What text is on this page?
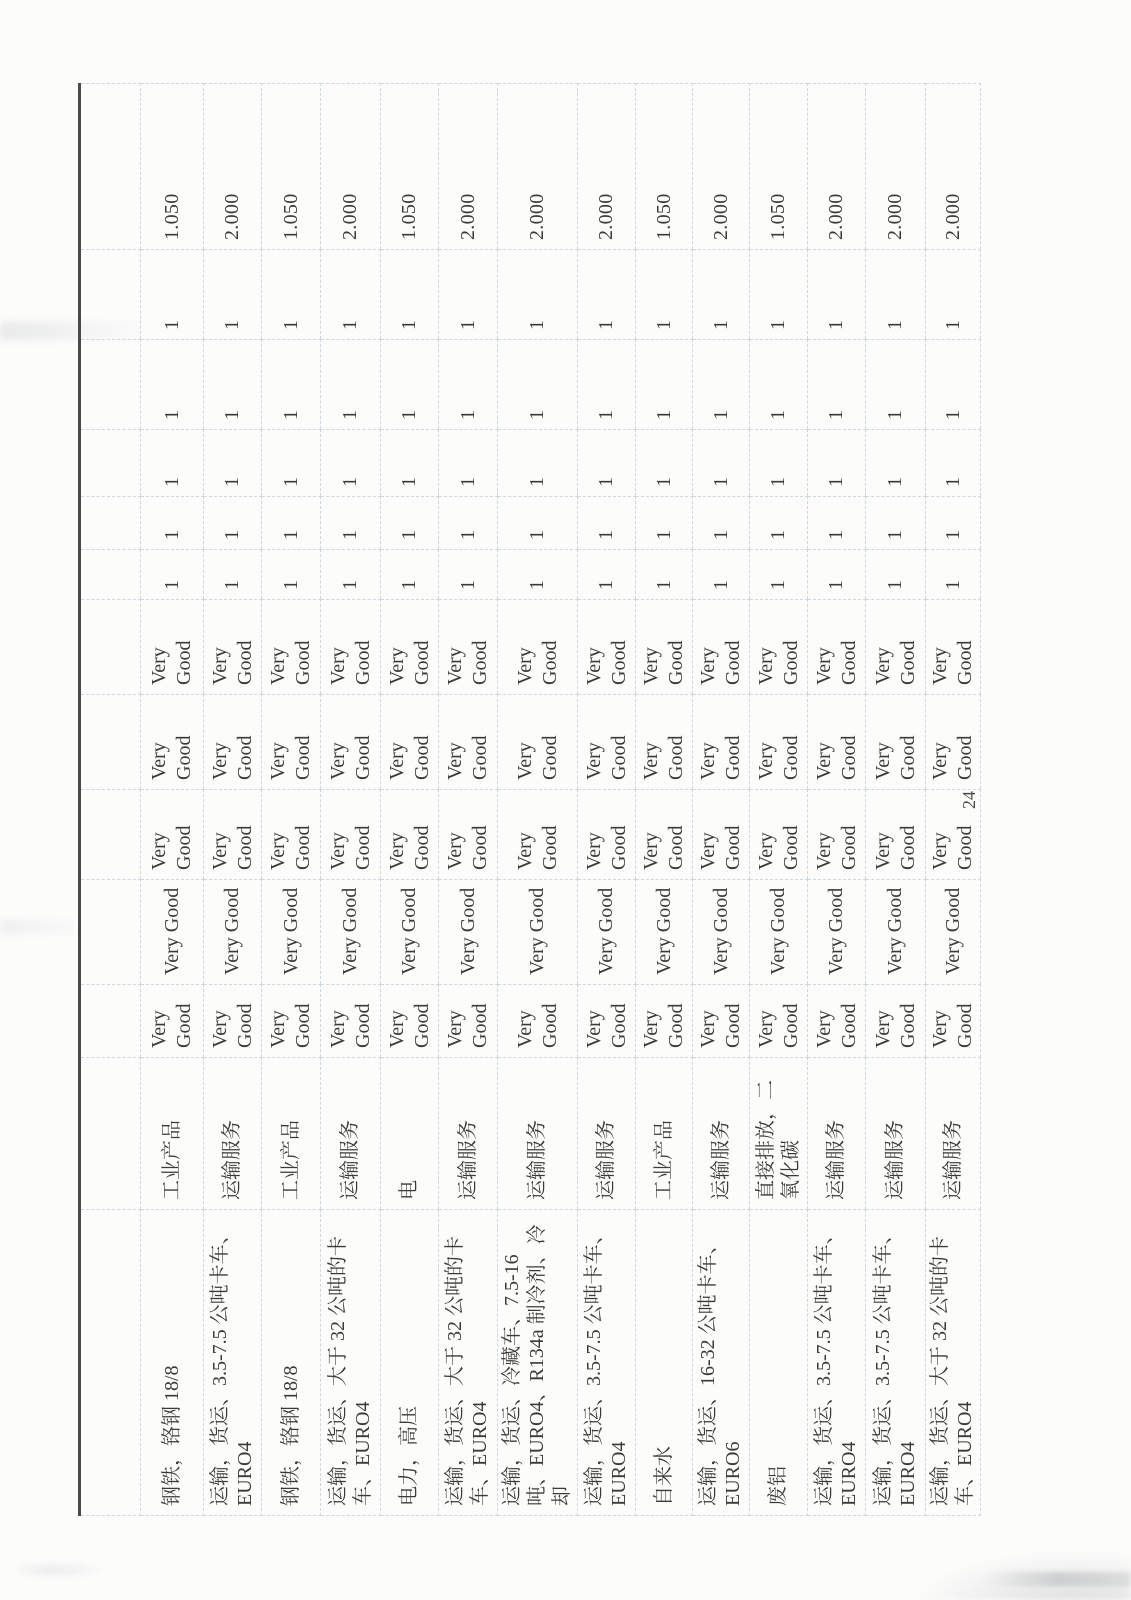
钢铁，铬钢 18/8	工业产品	Very Good	Very Good	Very Good	Very Good	Very Good	1	1	1	1	1	1.050
运输，货运、3.5-7.5 公吨卡车、EURO4	运输服务	Very Good	Very Good	Very Good	Very Good	Very Good	1	1	1	1	1	2.000
钢铁，铬钢 18/8	工业产品	Very Good	Very Good	Very Good	Very Good	Very Good	1	1	1	1	1	1.050
运输，货运、大于 32 公吨的卡车、EURO4	运输服务	Very Good	Very Good	Very Good	Very Good	Very Good	1	1	1	1	1	2.000
电力，高压	电	Very Good	Very Good	Very Good	Very Good	Very Good	1	1	1	1	1	1.050
运输，货运、大于 32 公吨的卡车、EURO4	运输服务	Very Good	Very Good	Very Good	Very Good	Very Good	1	1	1	1	1	2.000
运输，货运、冷藏车、7.5-16 吨、EURO4、R134a 制冷剂、冷却	运输服务	Very Good	Very Good	Very Good	Very Good	Very Good	1	1	1	1	1	2.000
运输，货运、3.5-7.5 公吨卡车、EURO4	运输服务	Very Good	Very Good	Very Good	Very Good	Very Good	1	1	1	1	1	2.000
自来水	工业产品	Very Good	Very Good	Very Good	Very Good	Very Good	1	1	1	1	1	1.050
运输，货运、16-32 公吨卡车、EURO6	运输服务	Very Good	Very Good	Very Good	Very Good	Very Good	1	1	1	1	1	2.000
废铝	直接排放，二氧化碳	Very Good	Very Good	Very Good	Very Good	Very Good	1	1	1	1	1	1.050
运输，货运、3.5-7.5 公吨卡车、EURO4	运输服务	Very Good	Very Good	Very Good	Very Good	Very Good	1	1	1	1	1	2.000
运输，货运、3.5-7.5 公吨卡车、EURO4	运输服务	Very Good	Very Good	Very Good	Very Good	Very Good	1	1	1	1	1	2.000
运输，货运、大于 32 公吨的卡车、EURO4	运输服务	Very Good	Very Good	Very Good	Very Good	Very Good	1	1	1	1	1	2.000
24
